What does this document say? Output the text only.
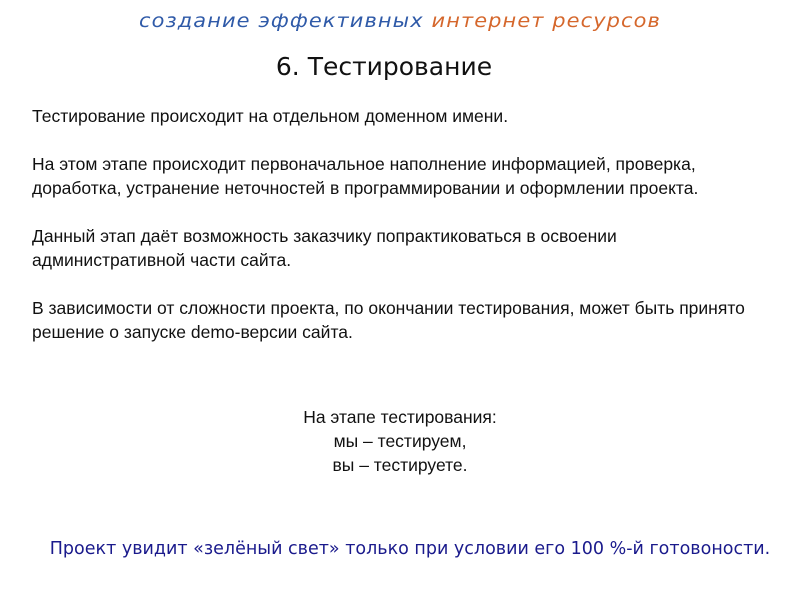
создание эффективных интернет ресурсов
6. Тестирование

Тестирование происходит на отдельном доменном имени.

На этом этапе происходит первоначальное наполнение информацией, проверка, доработка, устранение неточностей в программировании и оформлении проекта.

Данный этап даёт возможность заказчику попрактиковаться в освоении административной части сайта.

В зависимости от сложности проекта, по окончании тестирования, может быть принято решение о запуске demo-версии сайта.

На этапе тестирования:
мы – тестируем,
вы – тестируете.
Проект увидит «зелёный свет» только при условии его 100 %-й готовоности.
